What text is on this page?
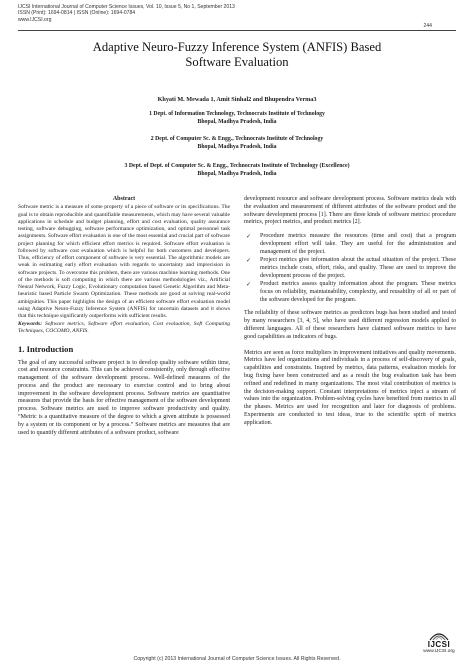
IJCSI International Journal of Computer Science Issues, Vol. 10, Issue 5, No 1, September 2013
ISSN (Print): 1694-0814 | ISSN (Online): 1694-0784
www.IJCSI.org
244
Adaptive Neuro-Fuzzy Inference System (ANFIS) Based
Software Evaluation
Khyati M. Mewada 1, Amit Sinhal2 and Bhupendra Verma3
1 Dept. of Information Technology, Technocrats Institute of Technology
Bhopal, Madhya Pradesh, India
2 Dept. of Computer Sc. & Engg., Technocrats Institute of Technology
Bhopal, Madhya Pradesh, India
3 Dept. of Dept. of Computer Sc. & Engg., Technocrats Institute of Technology (Excellence)
Bhopal, Madhya Pradesh, India
Abstract

Software metric is a measure of some property of a piece of software or its specifications. The goal is to obtain reproducible and quantifiable measurements, which may have several valuable applications in schedule and budget planning, effort and cost evaluation, quality assurance testing, software debugging, software performance optimization, and optimal personnel task assignments. Software effort evaluation is one of the most essential and crucial part of software project planning for which efficient effort metrics is required. Software effort evaluation is followed by software cost evaluation which is helpful for both customers and developers. Thus, efficiency of effort component of software is very essential. The algorithmic models are weak in estimating early effort evaluation with regards to uncertainty and imprecision in software projects. To overcome this problem, there are various machine learning methods. One of the methods is soft computing in which there are various methodologies viz., Artificial Neural Network, Fuzzy Logic, Evolutionary computation based Genetic Algorithm and Meta-heuristic based Particle Swarm Optimization. These methods are good at solving real-world ambiguities. This paper highlights the design of an efficient software effort evaluation model using Adaptive Neuro-Fuzzy Inference System (ANFIS) for uncertain datasets and it shows that this technique significantly outperforms with sufficient results.

Keywords: Software metrics, Software effort evaluation, Cost evaluation, Soft Computing Techniques, COCOMO, ANFIS.

1. Introduction

The goal of any successful software project is to develop quality software within time, cost and resource constraints. This can be achieved consistently, only through effective management of the software development process. Well-defined measures of the process and the product are necessary to exercise control and to bring about improvement in the software development process. Software metrics are quantitative measures that provide the basis for effective management of the software development process. Software metrics are used to improve software productivity and quality. “Metric is a quantitative measure of the degree to which a given attribute is possessed by a system or its component or by a process.” Software metrics are measures that are used to quantify different attributes of a software product, software

development resource and software development process. Software metrics deals with the evaluation and measurement of different attributes of the software product and the software development process [1]. There are three kinds of software metrics: procedure metrics, project metrics, and product metrics [2].

✓ Procedure metrics measure the resources (time and cost) that a program development effort will take. They are useful for the administration and management of the project.
✓ Project metrics give information about the actual situation of the project. These metrics include costs, effort, risks, and quality. These are used to improve the development process of the project.
✓ Product metrics assess quality information about the program. These metrics focus on reliability, maintainability, complexity, and reusability of all or part of the software developed for the program.

The reliability of these software metrics as predictors bugs has been studied and tested by many researchers [3, 4, 5], who have used different regression models applied to different languages. All of these researchers have claimed software metrics to have good capabilities as indicators of bugs.

Metrics are seen as force multipliers in improvement initiatives and quality movements. Metrics have led organizations and individuals in a process of self-discovery of goals, capabilities and constraints. Inspired by metrics, data patterns, evaluation models for bug fixing have been constructed and as a result the bug evaluation task has been refined and redefined in many organizations. The most vital contribution of metrics is the decision-making support. Constant interpretations of metrics inject a stream of values into the organization. Problem-solving cycles have benefited from metrics in all the phases. Metrics are used for recognition and later for diagnosis of problems. Experiments are conducted to test ideas, true to the scientific spirit of metrics application.

Copyright (c) 2013 International Journal of Computer Science Issues. All Rights Reserved.
IJCSI
www.IJCSI.org
